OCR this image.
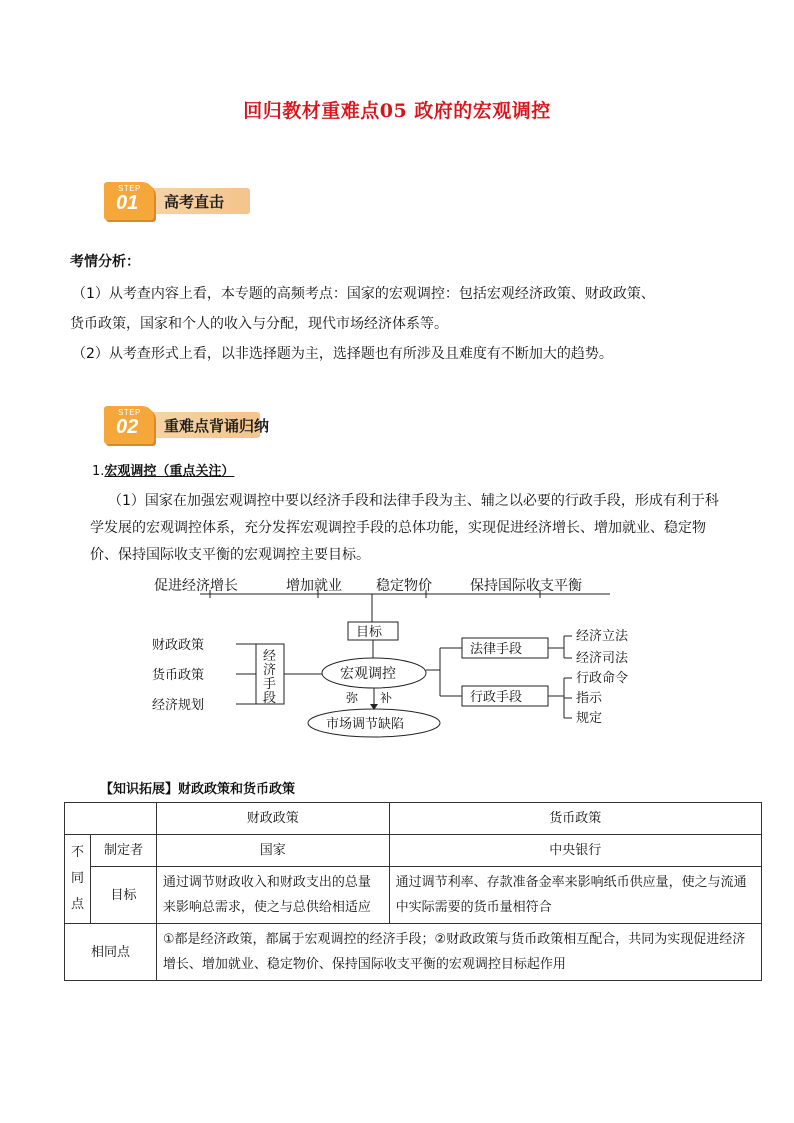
回归教材重难点05 政府的宏观调控
STEP
01 高考直击
考情分析：
（1）从考查内容上看，本专题的高频考点：国家的宏观调控：包括宏观经济政策、财政政策、
货币政策，国家和个人的收入与分配，现代市场经济体系等。
（2）从考查形式上看，以非选择题为主，选择题也有所涉及且难度有不断加大的趋势。
STEP
02 重难点背诵归纳
1.宏观调控（重点关注）
（1）国家在加强宏观调控中要以经济手段和法律手段为主、辅之以必要的行政手段，形成有利于科学发展的宏观调控体系，充分发挥宏观调控手段的总体功能，实现促进经济增长、增加就业、稳定物价、保持国际收支平衡的宏观调控主要目标。
促进经济增长	增加就业 稳定物价	保持国际收支平衡
目标
宏观调控
财政政策
货币政策
经济规划
经
济
手
段
法律手段
行政手段
经济立法
经济司法
行政命令
指示
规定
弥 补
市场调节缺陷
【知识拓展】财政政策和货币政策
		财政政策	货币政策
不
同
点	制定者	国家	中央银行
	目标	通过调节财政收入和财政支出的总量来影响总需求，使之与总供给相适应	通过调节利率、存款准备金率来影响纸币供应量，使之与流通中实际需要的货币量相符合
相同点		①都是经济政策，都属于宏观调控的经济手段；②财政政策与货币政策相互配合，共同为实现促进经济增长、增加就业、稳定物价、保持国际收支平衡的宏观调控目标起作用	
